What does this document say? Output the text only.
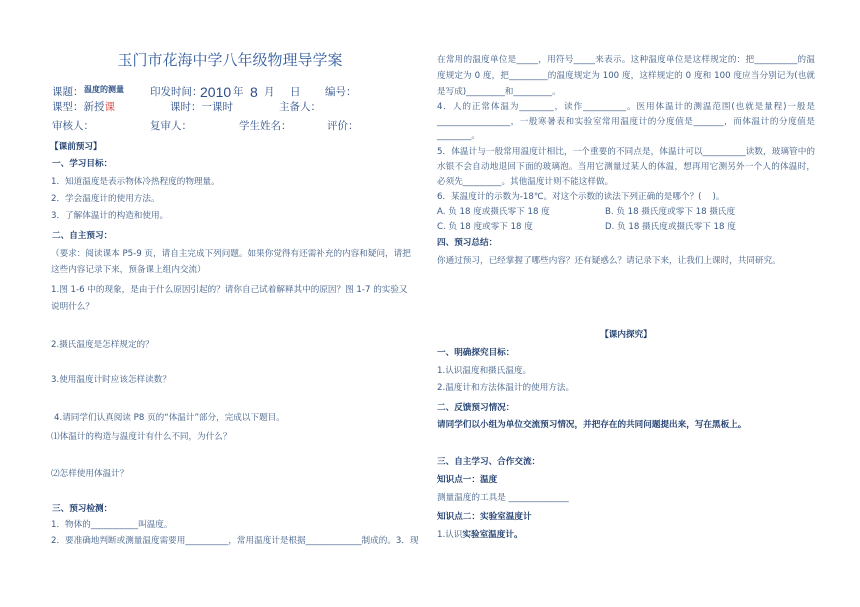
玉门市花海中学八年级物理导学案
课题： $^{温度的测量}$ 印发时间：
2010 年 8 月 日 编号：
课型：新授课	课时：一课时	主备人：
审核人：	复审人：	学生姓名：	评价：
【课前预习】
一、学习目标：
1．知道温度是表示物体冷热程度的物理量。
2．学会温度计的使用方法。
3．了解体温计的构造和使用。
二、自主预习：
（要求：阅读课本 P5-9 页，请自主完成下列问题。如果你觉得有还需补充的内容和疑问，请把这些内容记录下来，预备课上组内交流）
1.图 1-6 中的现象，是由于什么原因引起的？请你自己试着解释其中的原因？图 1-7 的实验又说明什么？
2.摄氏温度是怎样规定的？
3.使用温度计时应该怎样读数？
4.请同学们认真阅读 P8 页的“体温计”部分，完成以下题目。
⑴体温计的构造与温度计有什么不同，为什么？
⑵怎样使用体温计？
三、预习检测：
1．物体的___________叫温度。
2．要准确地判断或测量温度需要用__________，常用温度计是根据_____________制成的。3．现
在常用的温度单位是_____，用符号_____来表示。这种温度单位是这样规定的：把__________的温度规定为 0 度，把_________的温度规定为 100 度，这样规定的 0 度和 100 度应当分别记为(也就是写成)_________和_________。
4．人的正常体温为________，读作__________。医用体温计的测温范围(也就是量程)一般是_________________，一般寒暑表和实验室常用温度计的分度值是_______，而体温计的分度值是________。
5．体温计与一般常用温度计相比，一个重要的不同点是，体温计可以__________读数，玻璃管中的水银不会自动地退回下面的玻璃泡。当用它测量过某人的体温，想再用它测另外一个人的体温时，必须先_________。其他温度计则不能这样做。
6．某温度计的示数为-18℃。对这个示数的读法下列正确的是哪个？(    )。
A. 负 18 度或摄氏零下 18 度	B. 负 18 摄氏度或零下 18 摄氏度
C. 负 18 度或零下 18 度	D. 负 18 摄氏度或摄氏零下 18 度
四、预习总结：
你通过预习，已经掌握了哪些内容？还有疑惑么？请记录下来，让我们上课时，共同研究。
【课内探究】
一、明确探究目标：
1.认识温度和摄氏温度。
2.温度计和方法体温计的使用方法。
二、反馈预习情况：
请同学们以小组为单位交流预习情况，并把存在的共同问题提出来，写在黑板上。
三、自主学习、合作交流：
知识点一：温度
测量温度的工具是 ______________
知识点二：实验室温度计
1.认识实验室温度计。
